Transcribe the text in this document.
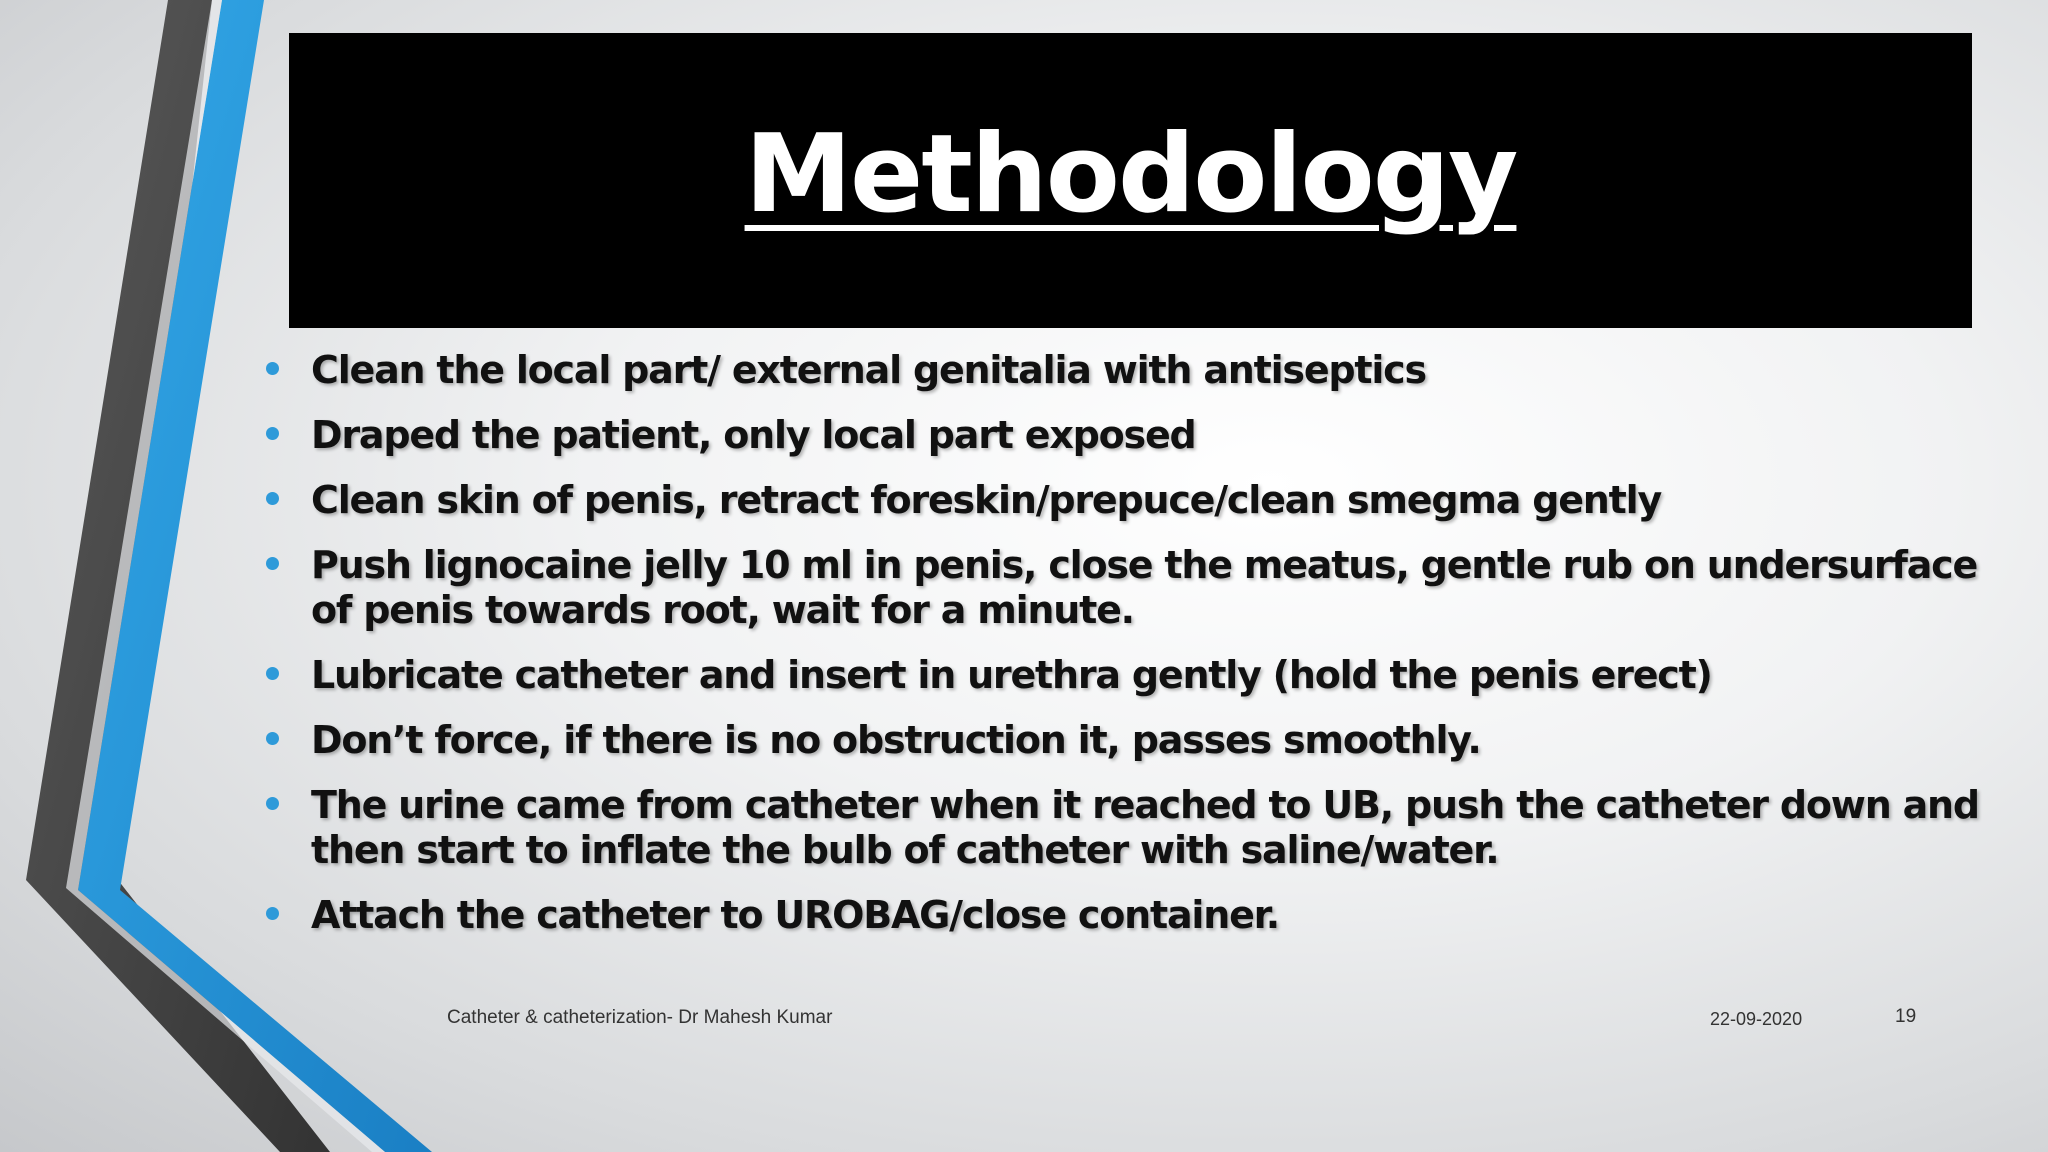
Methodology
Clean the local part/ external genitalia with antiseptics
Draped the patient, only local part exposed
Clean skin of penis, retract foreskin/prepuce/clean smegma gently
Push lignocaine jelly 10 ml in penis, close the meatus, gentle rub on undersurface of penis towards root, wait for a minute.
Lubricate catheter and insert in urethra gently (hold the penis erect)
Don’t force, if there is no obstruction it, passes smoothly.
The urine came from catheter when it reached to UB, push the catheter down and then start to inflate the bulb of catheter with saline/water.
Attach the catheter to UROBAG/close container.
Catheter & catheterization- Dr Mahesh Kumar	22-09-2020	19
